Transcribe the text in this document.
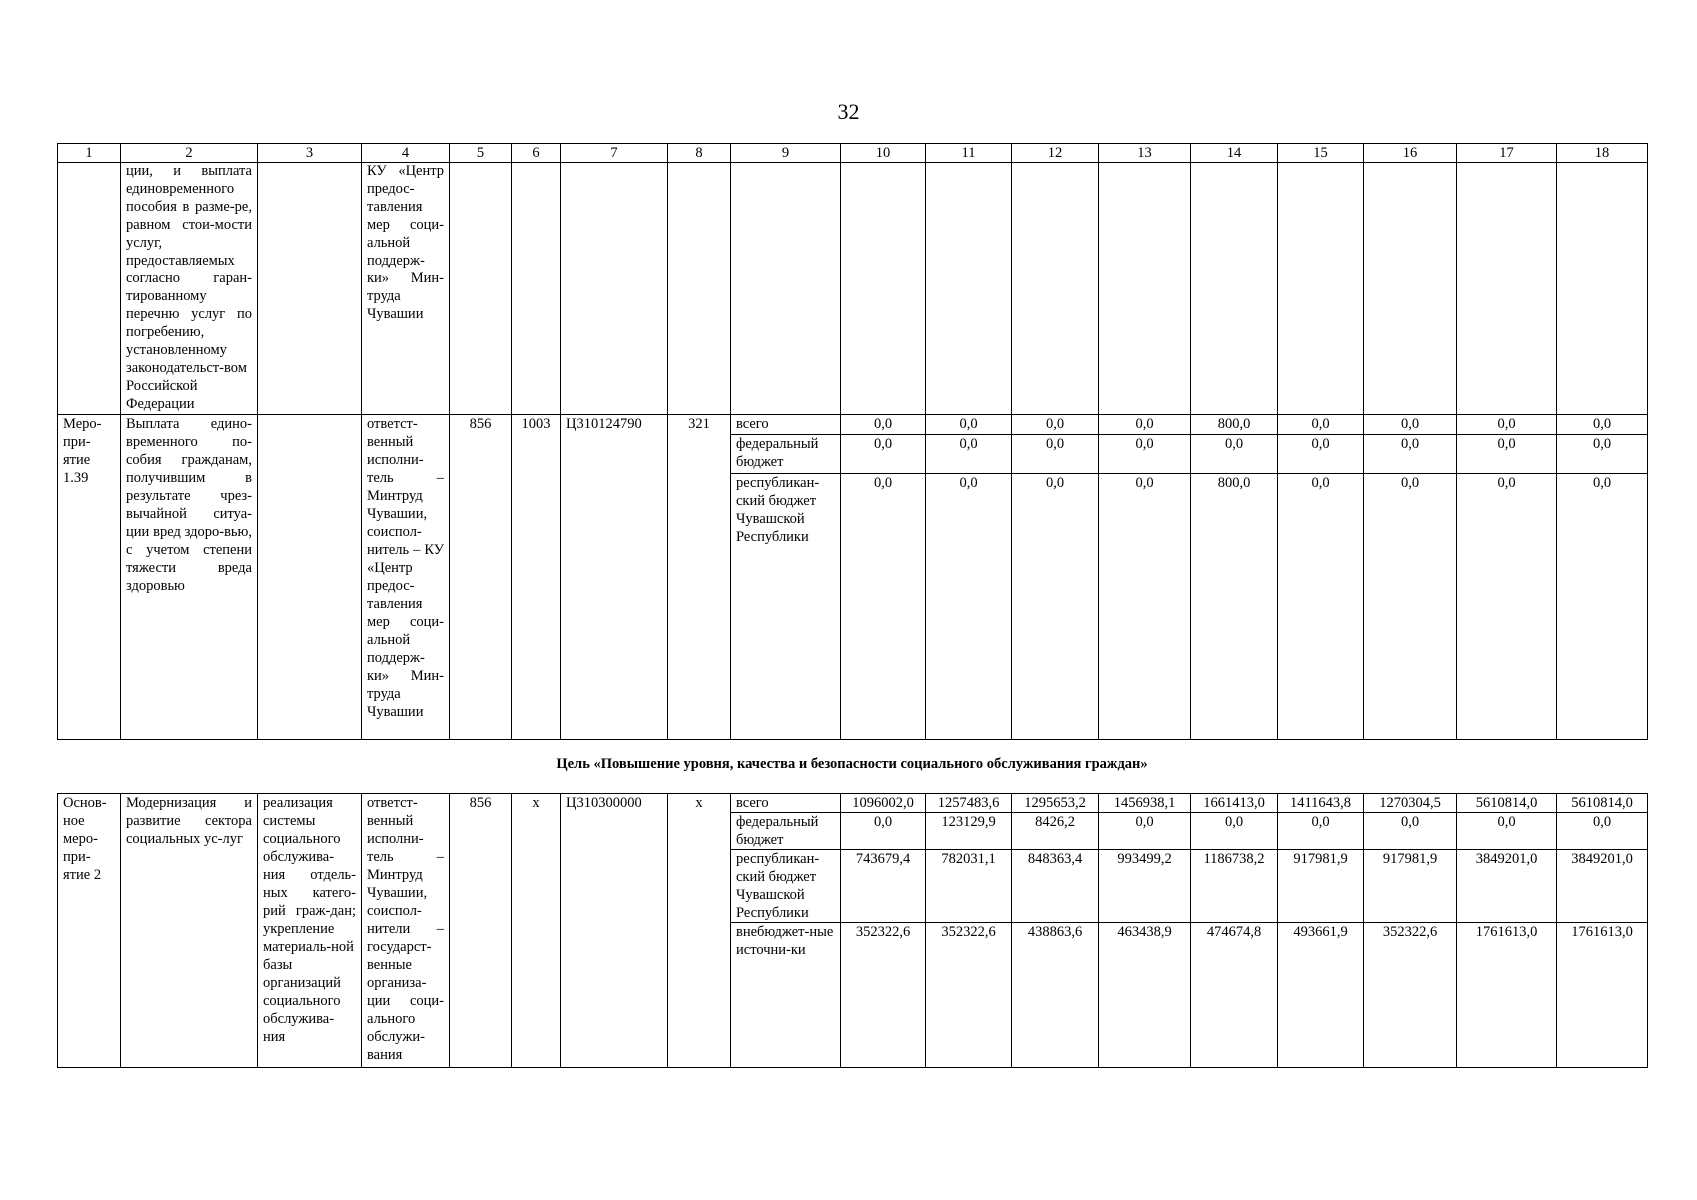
32
1	2	3	4	5	6	7	8	9	10	11	12	13	14	15	16	17	18
	ции, и выплата единовременного пособия в разме-ре, равном стои-мости услуг, предоставляемых согласно гаран-тированному перечню услуг по погребению, установленному законодательст-вом Российской Федерации		КУ «Центр предос-тавления мер соци-альной поддерж-ки» Мин-труда Чувашии														
Меро-при-ятие 1.39	Выплата едино-временного по-собия гражданам, получившим в результате чрез-вычайной ситуа-ции вред здоро-вью, с учетом степени тяжести вреда здоровью		ответст-венный исполни-тель – Минтруд Чувашии, соиспол-нитель – КУ «Центр предос-тавления мер соци-альной поддерж-ки» Мин-труда Чувашии	856	1003	Ц310124790	321	всего	0,0	0,0	0,0	0,0	800,0	0,0	0,0	0,0	0,0
								федеральный бюджет	0,0	0,0	0,0	0,0	0,0	0,0	0,0	0,0	0,0
								республикан-ский бюджет Чувашской Республики	0,0	0,0	0,0	0,0	800,0	0,0	0,0	0,0	0,0
Цель «Повышение уровня, качества и безопасности социального обслуживания граждан»
Основ-ное меро-при-ятие 2	Модернизация и развитие сектора социальных ус-луг	реализация системы социального обслужива-ния отдель-ных катего-рий граж-дан; укрепление материаль-ной базы организаций социального обслужива-ния	ответст-венный исполни-тель – Минтруд Чувашии, соиспол-нители – государст-венные организа-ции соци-ального обслужи-вания	856	x	Ц310300000	x	всего	1096002,0	1257483,6	1295653,2	1456938,1	1661413,0	1411643,8	1270304,5	5610814,0	5610814,0
								федеральный бюджет	0,0	123129,9	8426,2	0,0	0,0	0,0	0,0	0,0	0,0
								республикан-ский бюджет Чувашской Республики	743679,4	782031,1	848363,4	993499,2	1186738,2	917981,9	917981,9	3849201,0	3849201,0
								внебюджет-ные источни-ки	352322,6	352322,6	438863,6	463438,9	474674,8	493661,9	352322,6	1761613,0	1761613,0
